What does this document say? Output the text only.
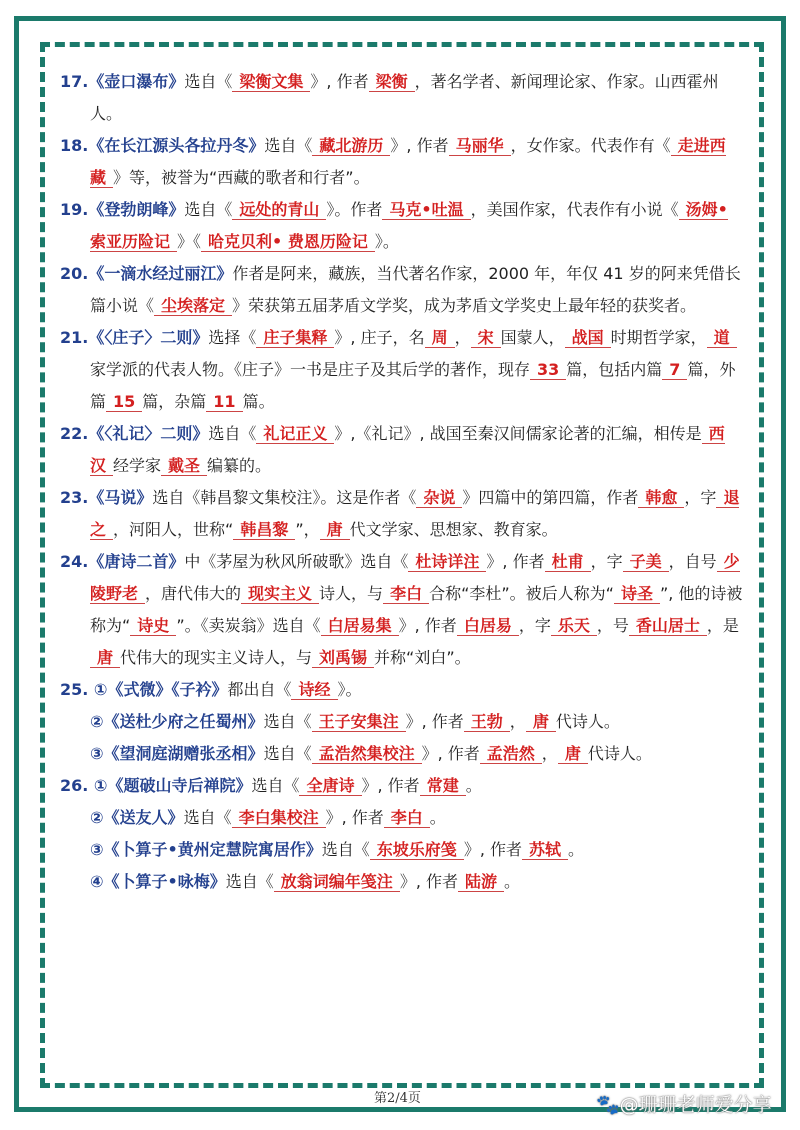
17.《壶口瀑布》选自《 梁衡文集 》, 作者 梁衡 ，著名学者、新闻理论家、作家。山西霍州人。

18.《在长江源头各拉丹冬》选自《 藏北游历 》, 作者 马丽华 ，女作家。代表作有《 走进西藏 》等，被誉为“西藏的歌者和行者”。

19.《登勃朗峰》选自《 远处的青山 》。作者 马克•吐温 ，美国作家，代表作有小说《 汤姆• 索亚历险记 》《 哈克贝利• 费恩历险记 》。

20.《一滴水经过丽江》作者是阿来，藏族，当代著名作家，2000 年，年仅 41 岁的阿来凭借长篇小说《 尘埃落定 》荣获第五届茅盾文学奖，成为茅盾文学奖史上最年轻的获奖者。

21.《〈庄子〉二则》选择《 庄子集释 》, 庄子，名 周 ， 宋 国蒙人， 战国 时期哲学家， 道家学派的代表人物。《庄子》一书是庄子及其后学的著作，现存 33 篇，包括内篇 7 篇，外篇 15 篇，杂篇 11 篇。

22.《〈礼记〉二则》选自《 礼记正义 》,《礼记》, 战国至秦汉间儒家论著的汇编，相传是 西汉 经学家 戴圣 编纂的。

23.《马说》选自《韩昌黎文集校注》。这是作者《 杂说 》四篇中的第四篇，作者 韩愈 ，字 退之 ，河阳人，世称“ 韩昌黎 ”， 唐 代文学家、思想家、教育家。

24.《唐诗二首》中《茅屋为秋风所破歌》选自《 杜诗详注 》, 作者 杜甫 ，字 子美 ，自号 少陵野老 ，唐代伟大的 现实主义 诗人，与 李白 合称“李杜”。被后人称为“ 诗圣 ”, 他的诗被称为“ 诗史 ”。《卖炭翁》选自《 白居易集 》, 作者 白居易 ，字 乐天 ，号 香山居士 ，是唐 代伟大的现实主义诗人，与 刘禹锡 并称“刘白”。

25. ①《式微》《子衿》都出自《 诗经 》。

②《送杜少府之任蜀州》选自《 王子安集注 》, 作者 王勃 ， 唐 代诗人。

③《望洞庭湖赠张丞相》选自《 孟浩然集校注 》, 作者 孟浩然 ， 唐 代诗人。

26. ①《题破山寺后禅院》选自《 全唐诗 》, 作者 常建 。

②《送友人》选自《 李白集校注 》, 作者 李白 。

③《卜算子•黄州定慧院寓居作》选自《 东坡乐府笺 》, 作者 苏轼 。

④《卜算子•咏梅》选自《 放翁词编年笺注 》, 作者 陆游 。

第2/4页	🐾@珊珊老师爱分享
